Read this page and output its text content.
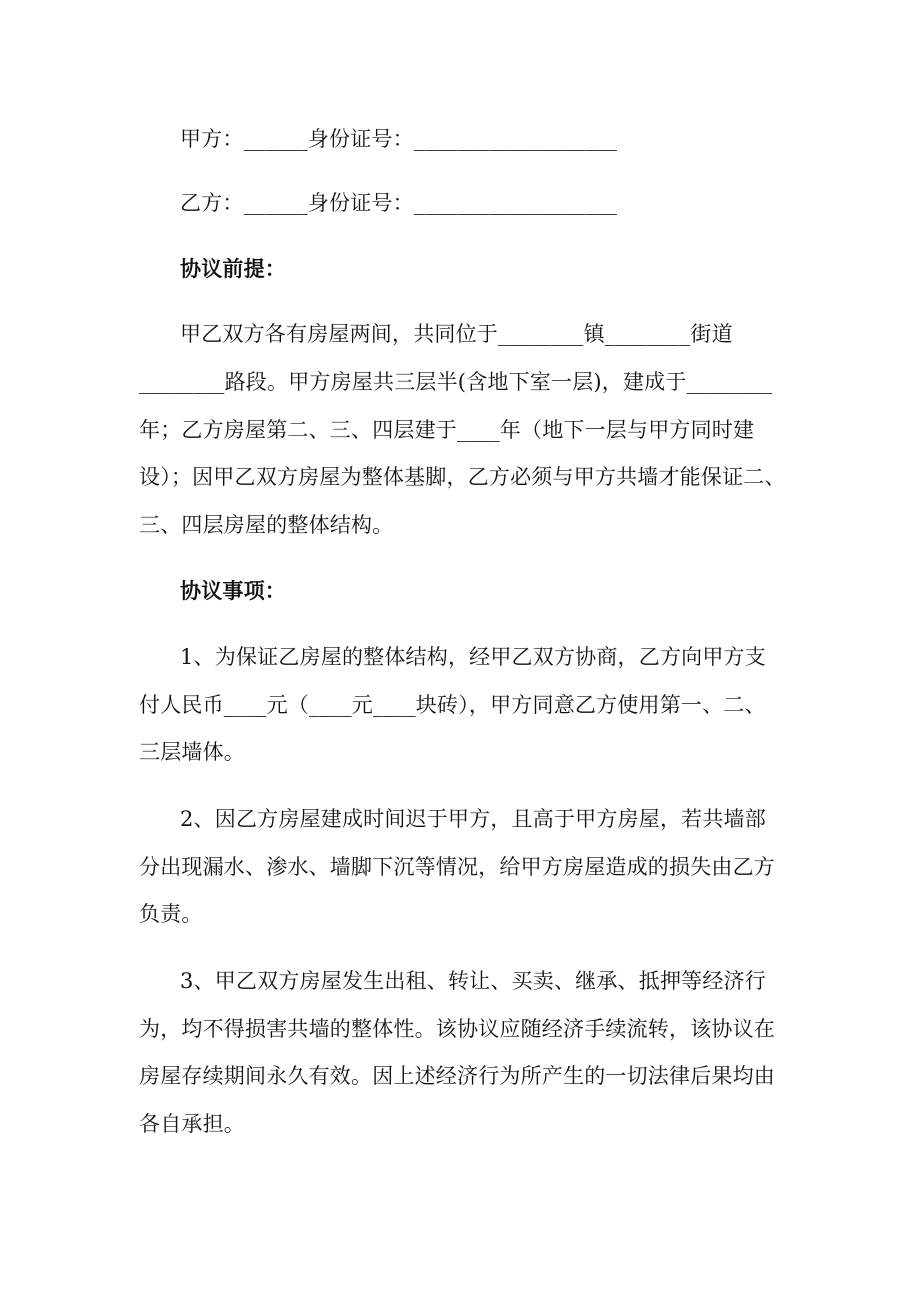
甲方：______身份证号：___________________
乙方：______身份证号：___________________
协议前提：
甲乙双方各有房屋两间，共同位于________镇________街道
________路段。甲方房屋共三层半(含地下室一层)，建成于________
年；乙方房屋第二、三、四层建于____年（地下一层与甲方同时建
设）；因甲乙双方房屋为整体基脚，乙方必须与甲方共墙才能保证二、
三、四层房屋的整体结构。
协议事项：
1、为保证乙房屋的整体结构，经甲乙双方协商，乙方向甲方支
付人民币____元（____元____块砖），甲方同意乙方使用第一、二、
三层墙体。
2、因乙方房屋建成时间迟于甲方，且高于甲方房屋，若共墙部
分出现漏水、渗水、墙脚下沉等情况，给甲方房屋造成的损失由乙方
负责。
3、甲乙双方房屋发生出租、转让、买卖、继承、抵押等经济行
为，均不得损害共墙的整体性。该协议应随经济手续流转，该协议在
房屋存续期间永久有效。因上述经济行为所产生的一切法律后果均由
各自承担。
